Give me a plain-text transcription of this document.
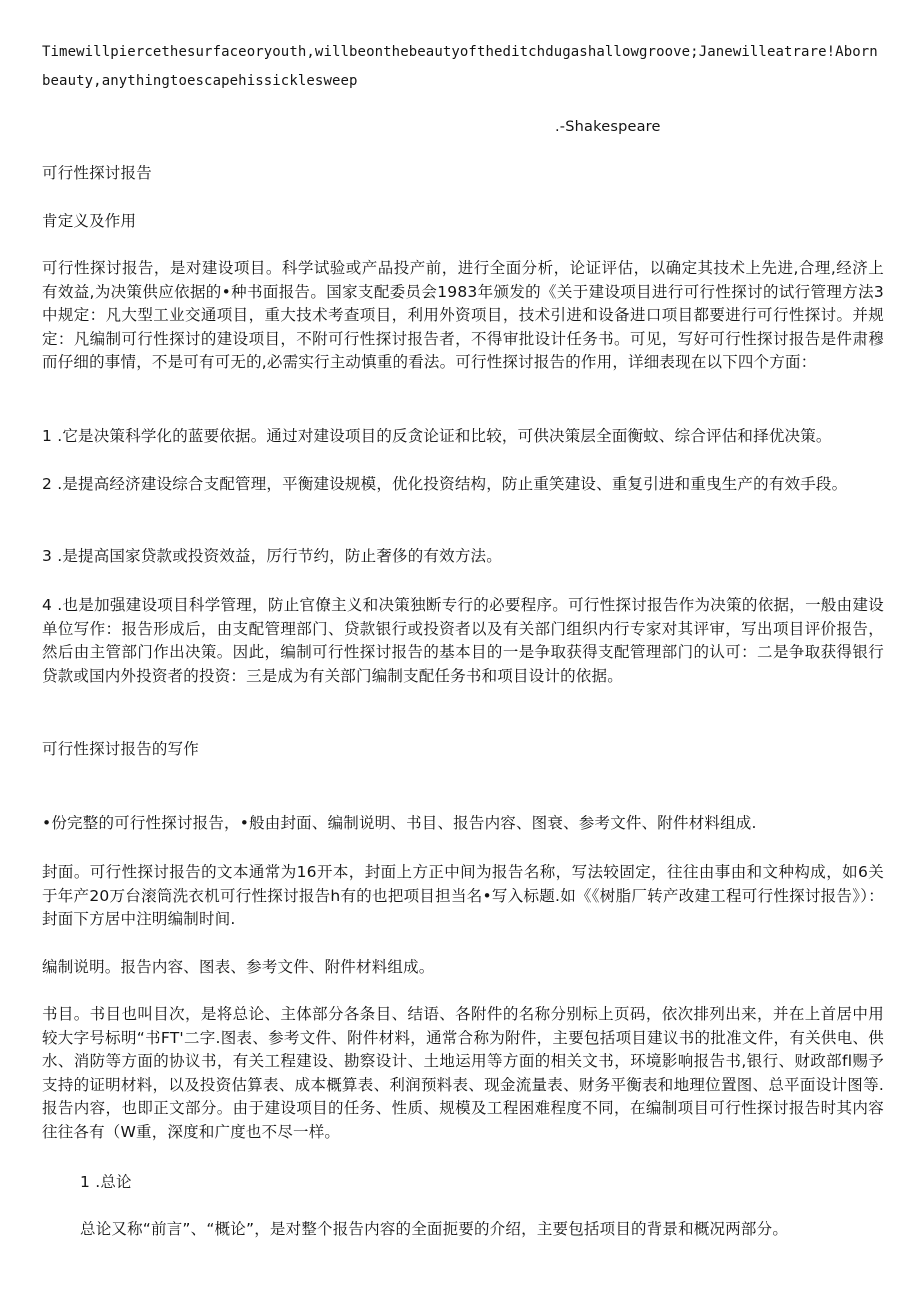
Timewillpiercethesurfaceoryouth,willbeonthebeautyoftheditchdugashallowgroove;Janewilleatrare!Abornbeauty,anythingtoescapehissicklesweep

.-Shakespeare

可行性探讨报告

肯定义及作用

可行性探讨报告，是对建设项目。科学试验或产品投产前，进行全面分析，论证评估，以确定其技术上先进,合理,经济上有效益,为决策供应依据的•种书面报告。国家支配委员会1983年颁发的《关于建设项目进行可行性探讨的试行管理方法3中规定：凡大型工业交通项目，重大技术考查项目，利用外资项目，技术引进和设备进口项目都要进行可行性探讨。并规定：凡编制可行性探讨的建设项目，不附可行性探讨报告者，不得审批设计任务书。可见，写好可行性探讨报告是件肃穆而仔细的事情，不是可有可无的,必需实行主动慎重的看法。可行性探讨报告的作用，详细表现在以下四个方面：

1 .它是决策科学化的蓝要依据。通过对建设项目的反贪论证和比较，可供决策层全面衡蚊、综合评估和择优决策。

2 .是提高经济建设综合支配管理，平衡建设规模，优化投资结构，防止重笑建设、重复引进和重曳生产的有效手段。

3 .是提高国家贷款或投资效益，厉行节约，防止奢侈的有效方法。

4 .也是加强建设项目科学管理，防止官僚主义和决策独断专行的必要程序。可行性探讨报告作为决策的依据，一般由建设单位写作：报告形成后，由支配管理部门、贷款银行或投资者以及有关部门组织内行专家对其评审，写出项目评价报告，然后由主管部门作出决策。因此，编制可行性探讨报告的基本目的一是争取获得支配管理部门的认可：二是争取获得银行贷款或国内外投资者的投资：三是成为有关部门编制支配任务书和项目设计的依据。

可行性探讨报告的写作

•份完整的可行性探讨报告，•般由封面、编制说明、书目、报告内容、图衰、参考文件、附件材料组成.

封面。可行性探讨报告的文本通常为16开本，封面上方正中间为报告名称，写法较固定，往往由事由和文种构成，如6关于年产20万台滚筒洗衣机可行性探讨报告h有的也把项目担当名•写入标题.如《《树脂厂转产改建工程可行性探讨报告》）：封面下方居中注明编制时间.

编制说明。报告内容、图表、参考文件、附件材料组成。

书目。书目也叫目次，是将总论、主体部分各条目、结语、各附件的名称分别标上页码，依次排列出来，并在上首居中用较大字号标明“书FT'二字.图表、参考文件、附件材料，通常合称为附件，主要包括项目建议书的批准文件，有关供电、供水、消防等方面的协议书，有关工程建设、勘察设计、土地运用等方面的相关文书，环境影响报告书,银行、财政部fl赐予支持的证明材料，以及投资估算表、成本概算表、利润预料表、现金流量表、财务平衡表和地理位置图、总平面设计图等.报告内容，也即正文部分。由于建设项目的任务、性质、规模及工程困难程度不同，在编制项目可行性探讨报告时其内容往往各有（W重，深度和广度也不尽一样。

1 .总论

总论又称“前言”、“概论”，是对整个报告内容的全面扼要的介绍，主要包括项目的背景和概况两部分。
